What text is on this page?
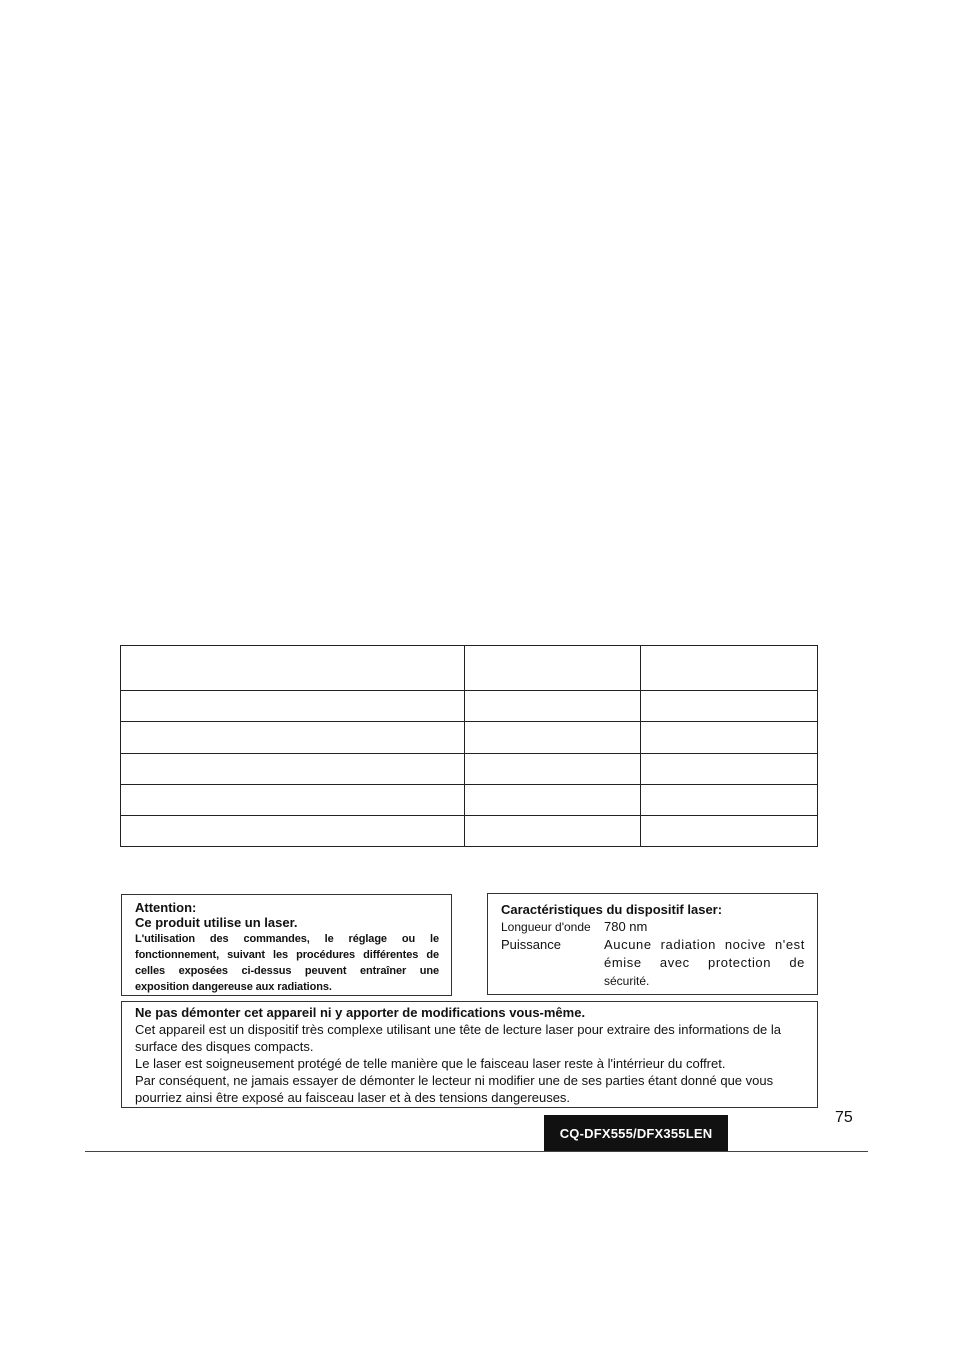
Attention:
Ce produit utilise un laser.
L'utilisation des commandes, le réglage ou le fonctionnement, suivant les procédures différentes de celles exposées ci-dessus peuvent entraîner une exposition dangereuse aux radiations.
Caractéristiques du dispositif laser:
Longueur d'onde	780 nm
Puissance	Aucune radiation nocive n'est émise avec protection de sécurité.
Ne pas démonter cet appareil ni y apporter de modifications vous-même.

Cet appareil est un dispositif très complexe utilisant une tête de lecture laser pour extraire des informations de la surface des disques compacts.

Le laser est soigneusement protégé de telle manière que le faisceau laser reste à l'intérrieur du coffret.

Par conséquent, ne jamais essayer de démonter le lecteur ni modifier une de ses parties étant donné que vous pourriez ainsi être exposé au faisceau laser et à des tensions dangereuses.

75
CQ-DFX555/DFX355LEN
